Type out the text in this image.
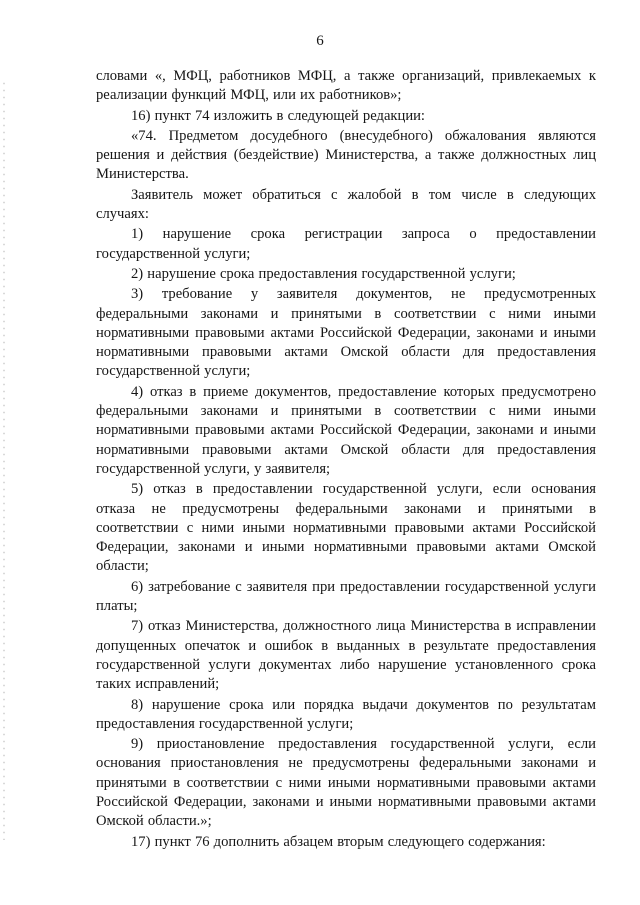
6

словами «, МФЦ, работников МФЦ, а также организаций, привлекаемых к реализации функций МФЦ, или их работников»;

16) пункт 74 изложить в следующей редакции:

«74. Предметом досудебного (внесудебного) обжалования являются решения и действия (бездействие) Министерства, а также должностных лиц Министерства.

Заявитель может обратиться с жалобой в том числе в следующих случаях:

1) нарушение срока регистрации запроса о предоставлении государственной услуги;

2) нарушение срока предоставления государственной услуги;

3) требование у заявителя документов, не предусмотренных федеральными законами и принятыми в соответствии с ними иными нормативными правовыми актами Российской Федерации, законами и иными нормативными правовыми актами Омской области для предоставления государственной услуги;

4) отказ в приеме документов, предоставление которых предусмотрено федеральными законами и принятыми в соответствии с ними иными нормативными правовыми актами Российской Федерации, законами и иными нормативными правовыми актами Омской области для предоставления государственной услуги, у заявителя;

5) отказ в предоставлении государственной услуги, если основания отказа не предусмотрены федеральными законами и принятыми в соответствии с ними иными нормативными правовыми актами Российской Федерации, законами и иными нормативными правовыми актами Омской области;

6) затребование с заявителя при предоставлении государственной услуги платы;

7) отказ Министерства, должностного лица Министерства в исправлении допущенных опечаток и ошибок в выданных в результате предоставления государственной услуги документах либо нарушение установленного срока таких исправлений;

8) нарушение срока или порядка выдачи документов по результатам предоставления государственной услуги;

9) приостановление предоставления государственной услуги, если основания приостановления не предусмотрены федеральными законами и принятыми в соответствии с ними иными нормативными правовыми актами Российской Федерации, законами и иными нормативными правовыми актами Омской области.»;

17) пункт 76 дополнить абзацем вторым следующего содержания:
